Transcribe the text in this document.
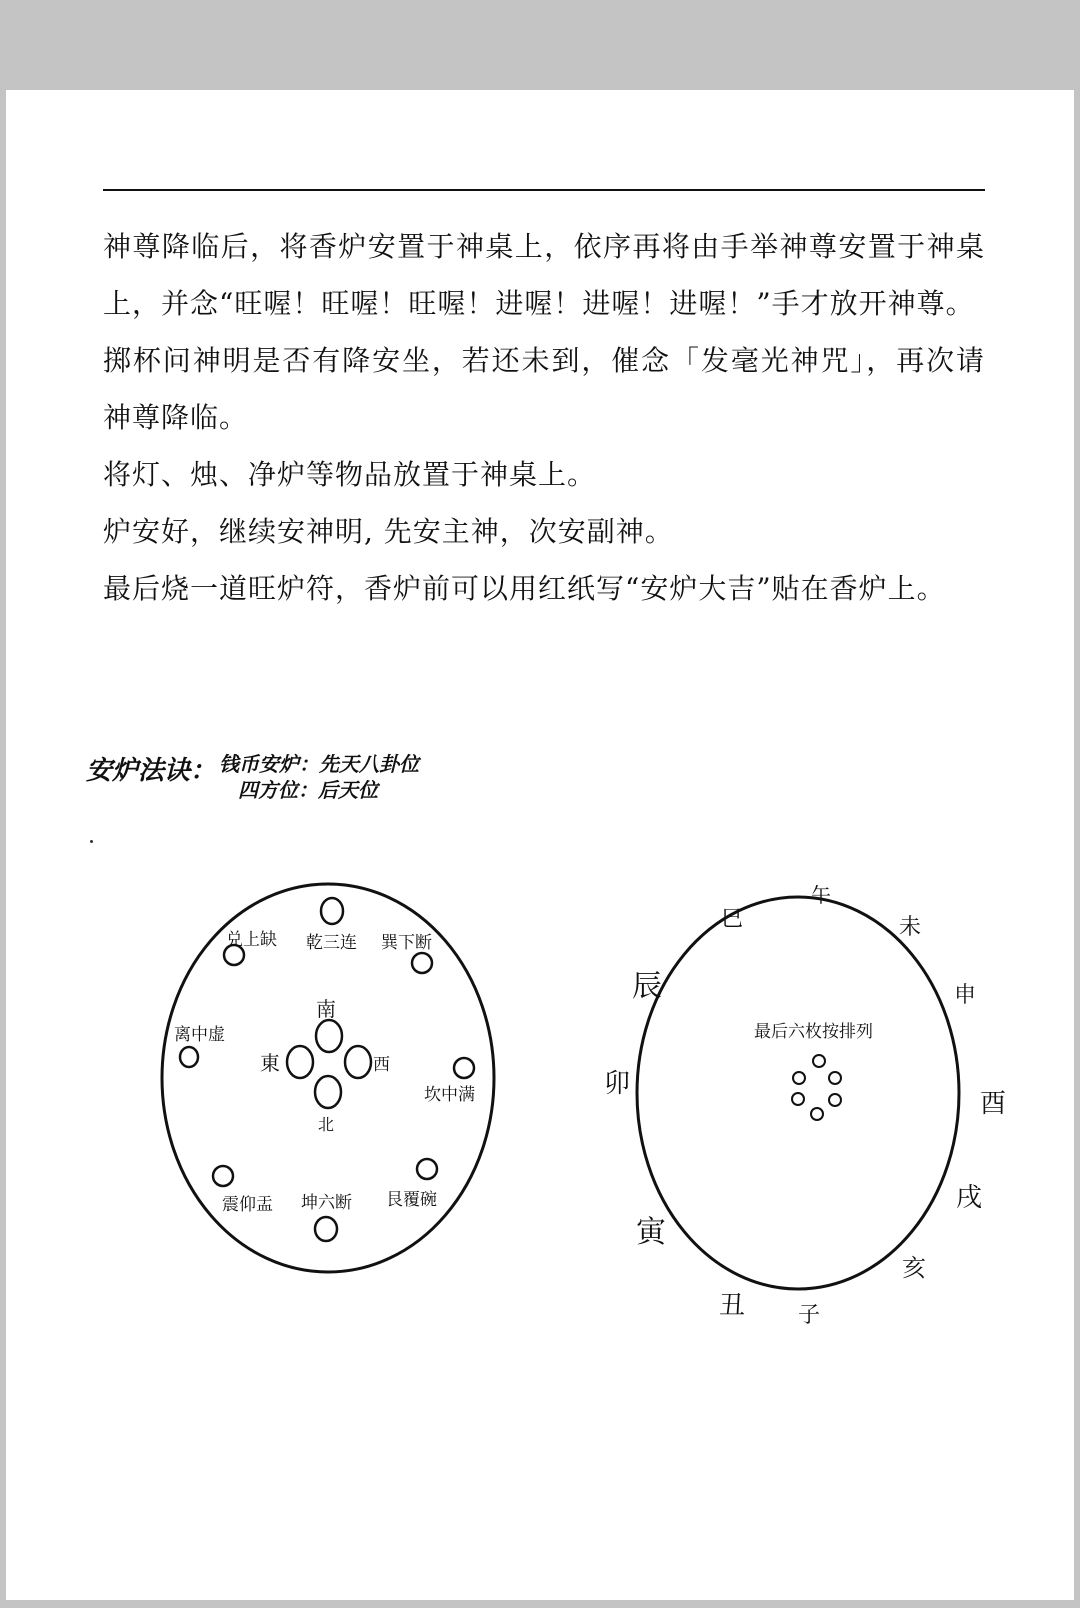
神尊降临后，将香炉安置于神桌上，依序再将由手举神尊安置于神桌上，并念“旺喔！旺喔！旺喔！进喔！进喔！进喔！”手才放开神尊。

掷杯问神明是否有降安坐，若还未到，催念「发毫光神咒」，再次请神尊降临。

将灯、烛、净炉等物品放置于神桌上。

炉安好，继续安神明, 先安主神，次安副神。

最后烧一道旺炉符，香炉前可以用红纸写“安炉大吉”贴在香炉上。

安炉法诀： 钱币安炉：先天八卦位
四方位：后天位
南
東	西
北
兑上缺 乾三连 巽下断
离中虚
坎中满
震仰盂 坤六断 艮覆碗
最后六枚按排列
巳
午
未
申
酉
戌
亥
子
丑
寅
卯
辰
